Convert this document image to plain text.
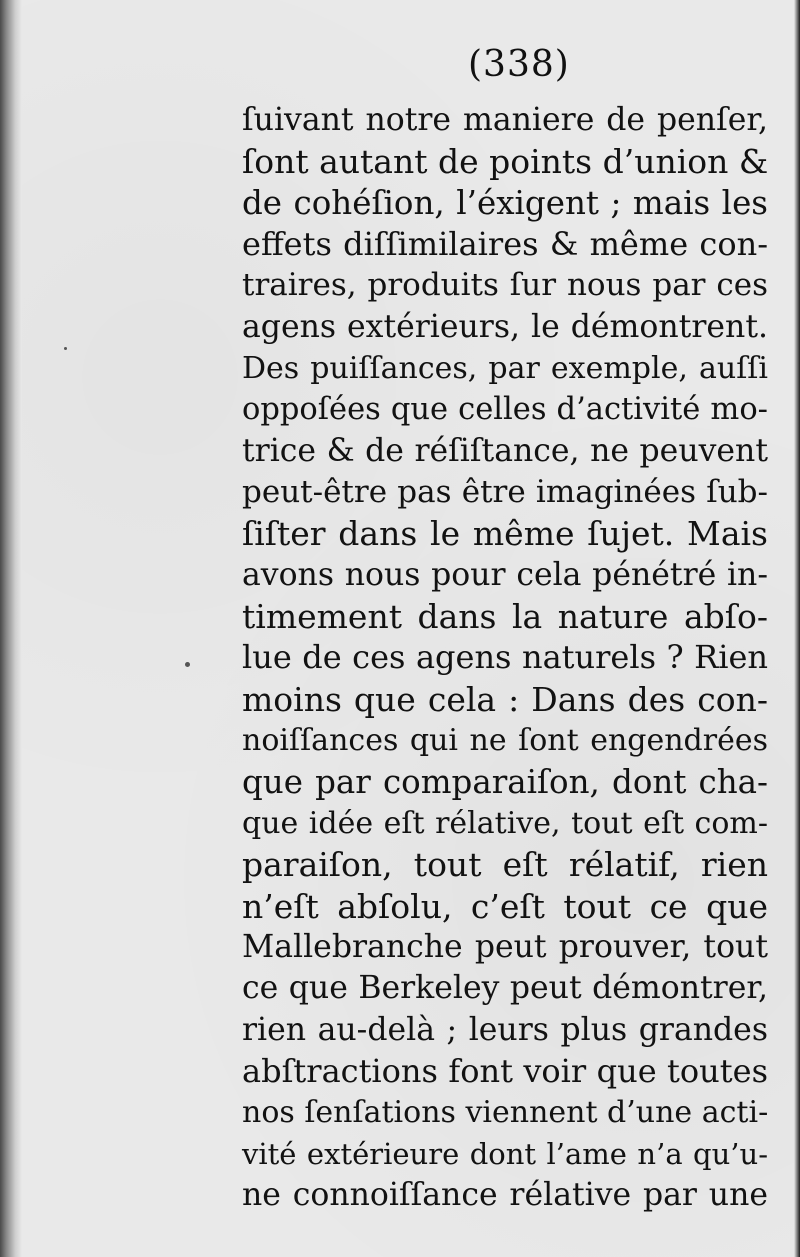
(338)
ſuivant notre maniere de penſer,
ſont autant de points d’union &
de cohéſion, l’éxigent ; mais les
effets diſſimilaires & même con-
traires, produits ſur nous par ces
agens extérieurs, le démontrent.
Des puiſſances, par exemple, auſſi
oppoſées que celles d’activité mo-
trice & de réſiſtance, ne peuvent
peut-être pas être imaginées ſub-
ſiſter dans le même ſujet. Mais
avons nous pour cela pénétré in-
timement dans la nature abſo-
lue de ces agens naturels ? Rien
moins que cela : Dans des con-
noiſſances qui ne ſont engendrées
que par comparaiſon, dont cha-
que idée eſt rélative, tout eſt com-
paraiſon, tout eſt rélatif, rien
n’eſt abſolu, c’eſt tout ce que
Mallebranche peut prouver, tout
ce que Berkeley peut démontrer,
rien au-delà ; leurs plus grandes
abſtractions font voir que toutes
nos ſenſations viennent d’une acti-
vité extérieure dont l’ame n’a qu’u-
ne connoiſſance rélative par une
